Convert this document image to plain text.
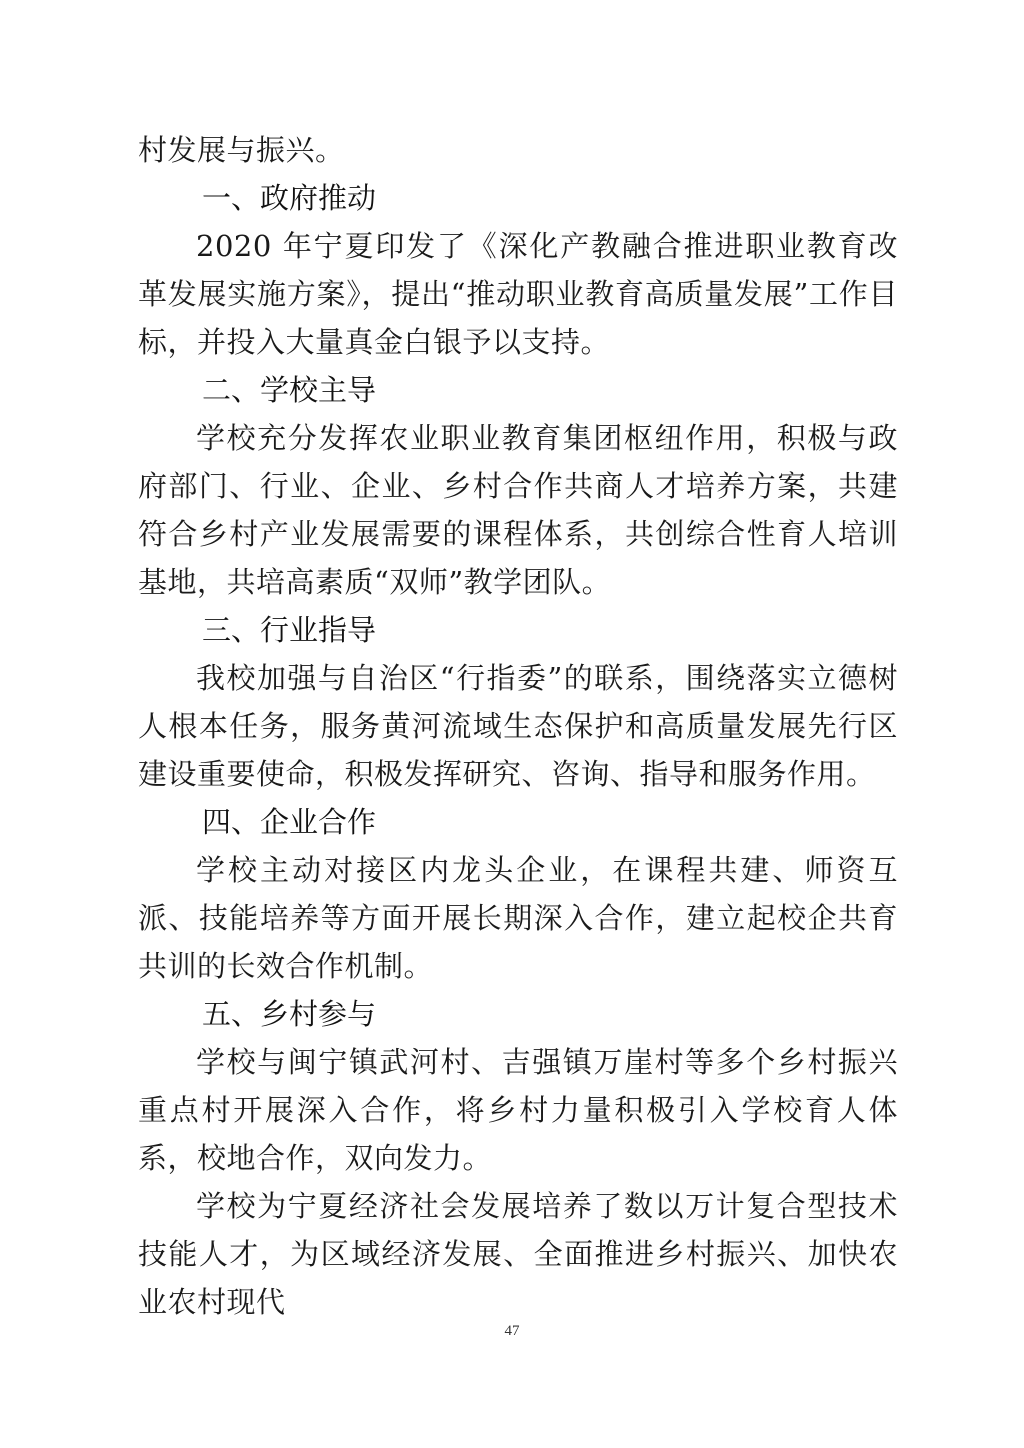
村发展与振兴。
一、政府推动

2020 年宁夏印发了《深化产教融合推进职业教育改革发展实施方案》，提出“推动职业教育高质量发展”工作目标，并投入大量真金白银予以支持。

二、学校主导

学校充分发挥农业职业教育集团枢纽作用，积极与政府部门、行业、企业、乡村合作共商人才培养方案，共建符合乡村产业发展需要的课程体系，共创综合性育人培训基地，共培高素质“双师”教学团队。

三、行业指导

我校加强与自治区“行指委”的联系，围绕落实立德树人根本任务，服务黄河流域生态保护和高质量发展先行区建设重要使命，积极发挥研究、咨询、指导和服务作用。

四、企业合作

学校主动对接区内龙头企业，在课程共建、师资互派、技能培养等方面开展长期深入合作，建立起校企共育共训的长效合作机制。

五、乡村参与

学校与闽宁镇武河村、吉强镇万崖村等多个乡村振兴重点村开展深入合作，将乡村力量积极引入学校育人体系，校地合作，双向发力。

学校为宁夏经济社会发展培养了数以万计复合型技术技能人才，为区域经济发展、全面推进乡村振兴、加快农业农村现代

47
